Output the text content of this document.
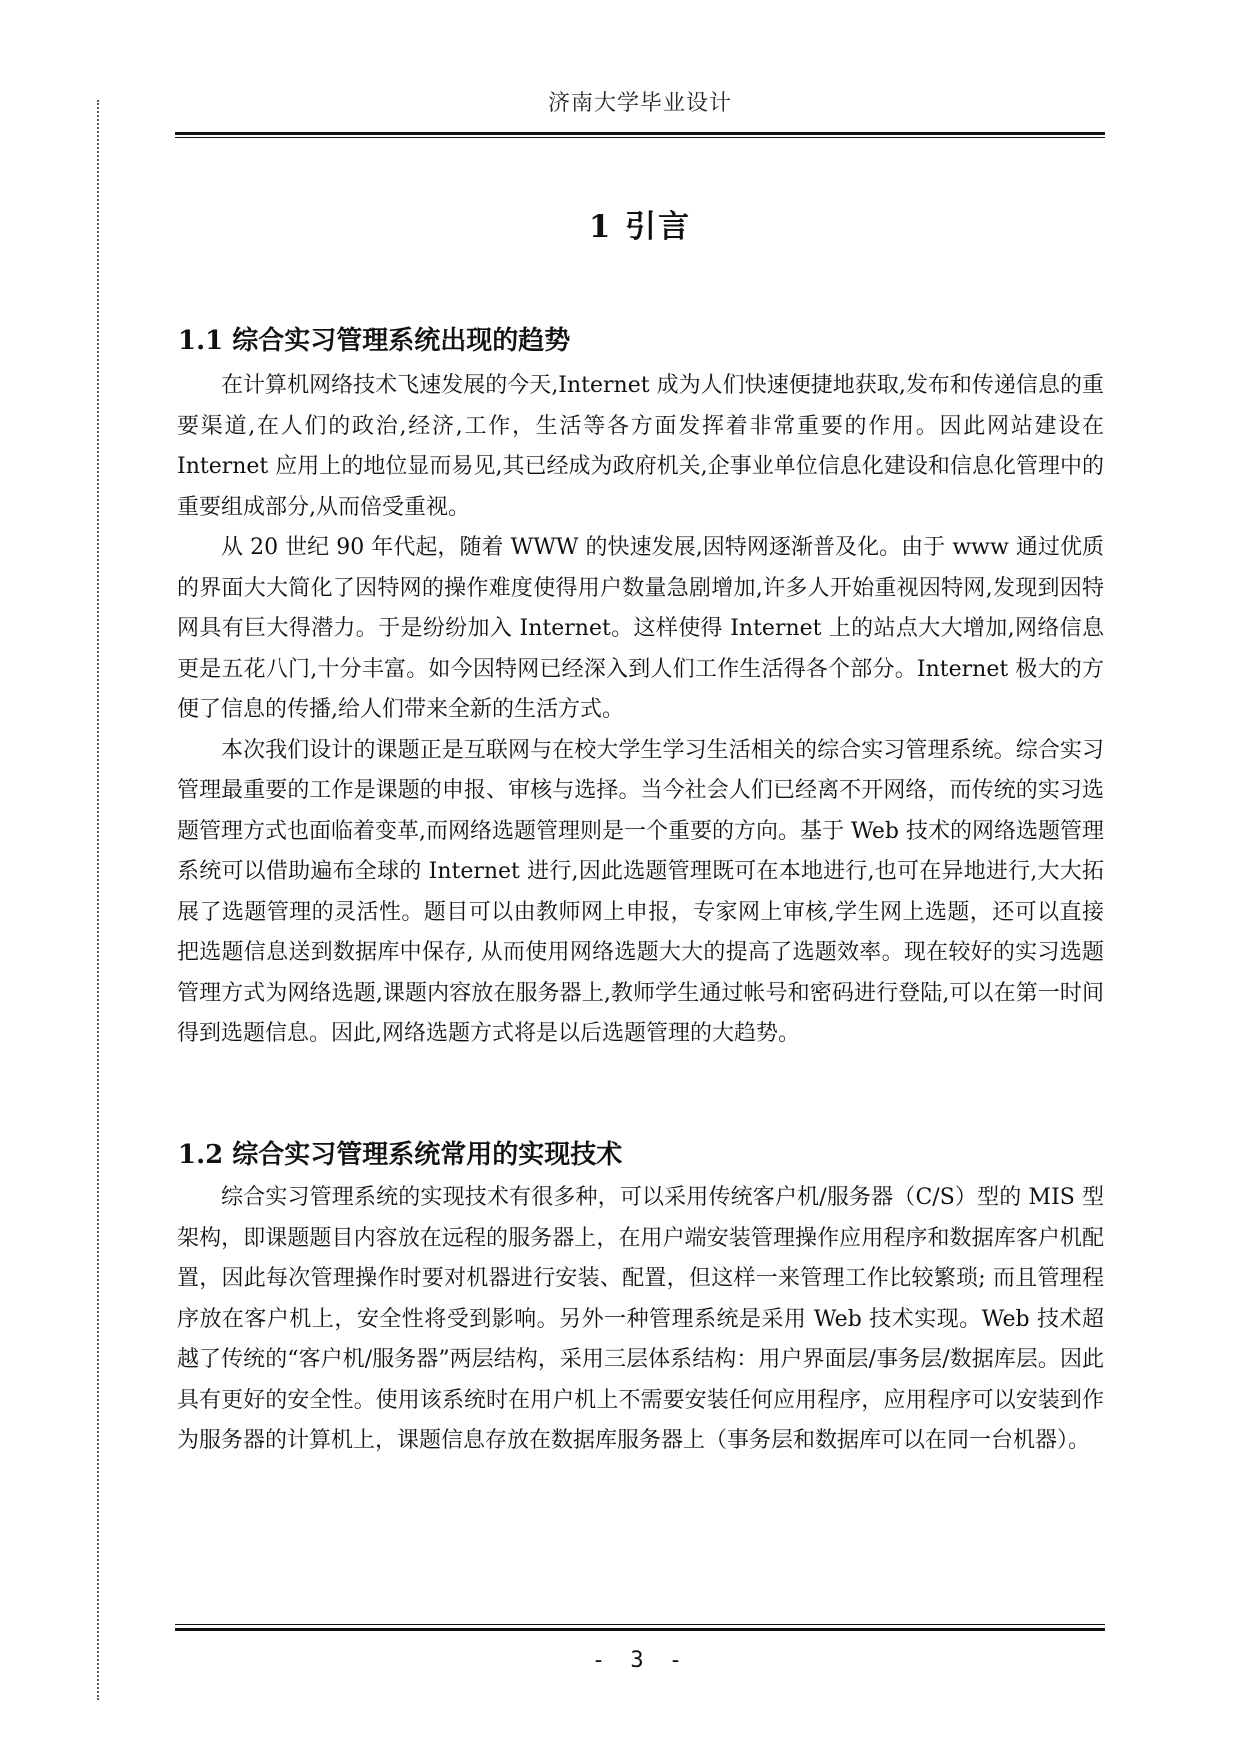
济南大学毕业设计
1 引言
1.1 综合实习管理系统出现的趋势

在计算机网络技术飞速发展的今天,Internet 成为人们快速便捷地获取,发布和传递信息的重要渠道,在人们的政治,经济,工作，生活等各方面发挥着非常重要的作用。因此网站建设在 Internet 应用上的地位显而易见,其已经成为政府机关,企事业单位信息化建设和信息化管理中的重要组成部分,从而倍受重视。

从 20 世纪 90 年代起，随着 WWW 的快速发展,因特网逐渐普及化。由于 www 通过优质的界面大大简化了因特网的操作难度使得用户数量急剧增加,许多人开始重视因特网,发现到因特网具有巨大得潜力。于是纷纷加入 Internet。这样使得 Internet 上的站点大大增加,网络信息更是五花八门,十分丰富。如今因特网已经深入到人们工作生活得各个部分。Internet 极大的方便了信息的传播,给人们带来全新的生活方式。

本次我们设计的课题正是互联网与在校大学生学习生活相关的综合实习管理系统。综合实习管理最重要的工作是课题的申报、审核与选择。当今社会人们已经离不开网络，而传统的实习选题管理方式也面临着变革,而网络选题管理则是一个重要的方向。基于 Web 技术的网络选题管理系统可以借助遍布全球的 Internet 进行,因此选题管理既可在本地进行,也可在异地进行,大大拓展了选题管理的灵活性。题目可以由教师网上申报，专家网上审核,学生网上选题，还可以直接把选题信息送到数据库中保存, 从而使用网络选题大大的提高了选题效率。现在较好的实习选题管理方式为网络选题,课题内容放在服务器上,教师学生通过帐号和密码进行登陆,可以在第一时间得到选题信息。因此,网络选题方式将是以后选题管理的大趋势。

1.2 综合实习管理系统常用的实现技术

综合实习管理系统的实现技术有很多种，可以采用传统客户机/服务器（C/S）型的 MIS 型架构，即课题题目内容放在远程的服务器上，在用户端安装管理操作应用程序和数据库客户机配置，因此每次管理操作时要对机器进行安装、配置，但这样一来管理工作比较繁琐; 而且管理程序放在客户机上，安全性将受到影响。另外一种管理系统是采用 Web 技术实现。Web 技术超越了传统的“客户机/服务器”两层结构，采用三层体系结构：用户界面层/事务层/数据库层。因此具有更好的安全性。使用该系统时在用户机上不需要安装任何应用程序，应用程序可以安装到作为服务器的计算机上，课题信息存放在数据库服务器上（事务层和数据库可以在同一台机器）。

- 3 -
